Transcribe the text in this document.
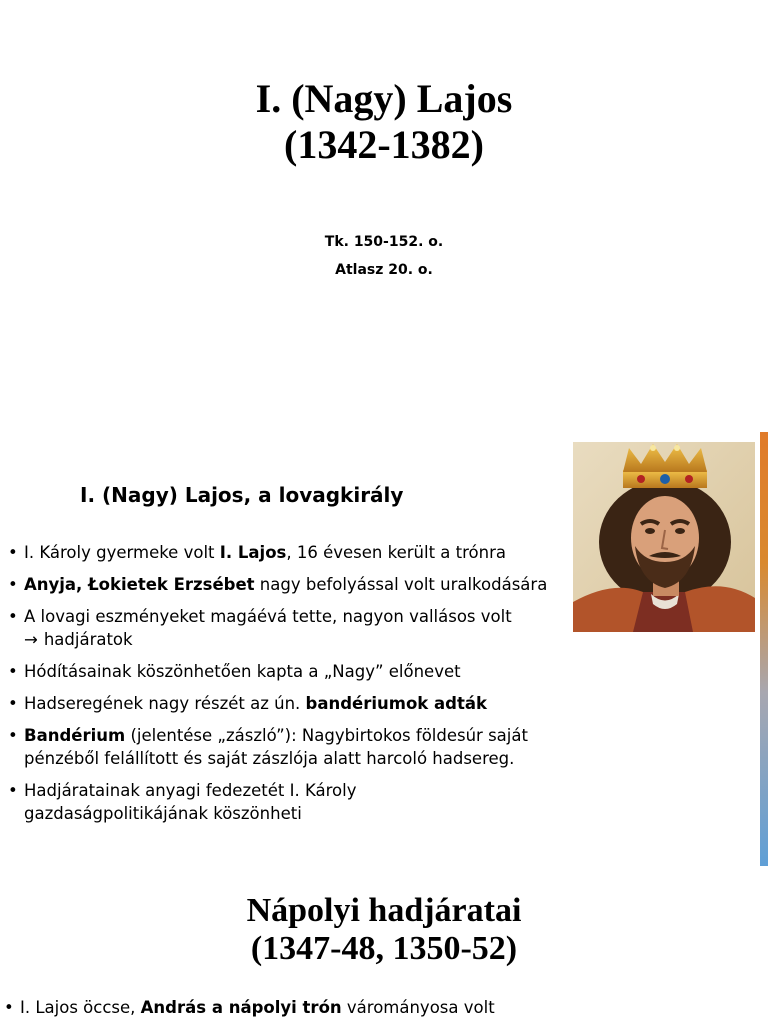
I. (Nagy) Lajos
(1342-1382)
Tk. 150-152. o.
Atlasz 20. o.
I. (Nagy) Lajos, a lovagkirály
• I. Károly gyermeke volt I. Lajos, 16 évesen került a trónra
• Anyja, Łokietek Erzsébet nagy befolyással volt uralkodására
• A lovagi eszményeket magáévá tette, nagyon vallásos volt
→ hadjáratok
• Hódításainak köszönhetően kapta a „Nagy” előnevet
• Hadseregének nagy részét az ún. bandériumok adták
• Bandérium (jelentése „zászló”): Nagybirtokos földesúr saját
pénzéből felállított és saját zászlója alatt harcoló hadsereg.
• Hadjáratainak anyagi fedezetét I. Károly
gazdaságpolitikájának köszönheti
Nápolyi hadjáratai
(1347-48, 1350-52)
• I. Lajos öccse, András a nápolyi trón várományosa volt
